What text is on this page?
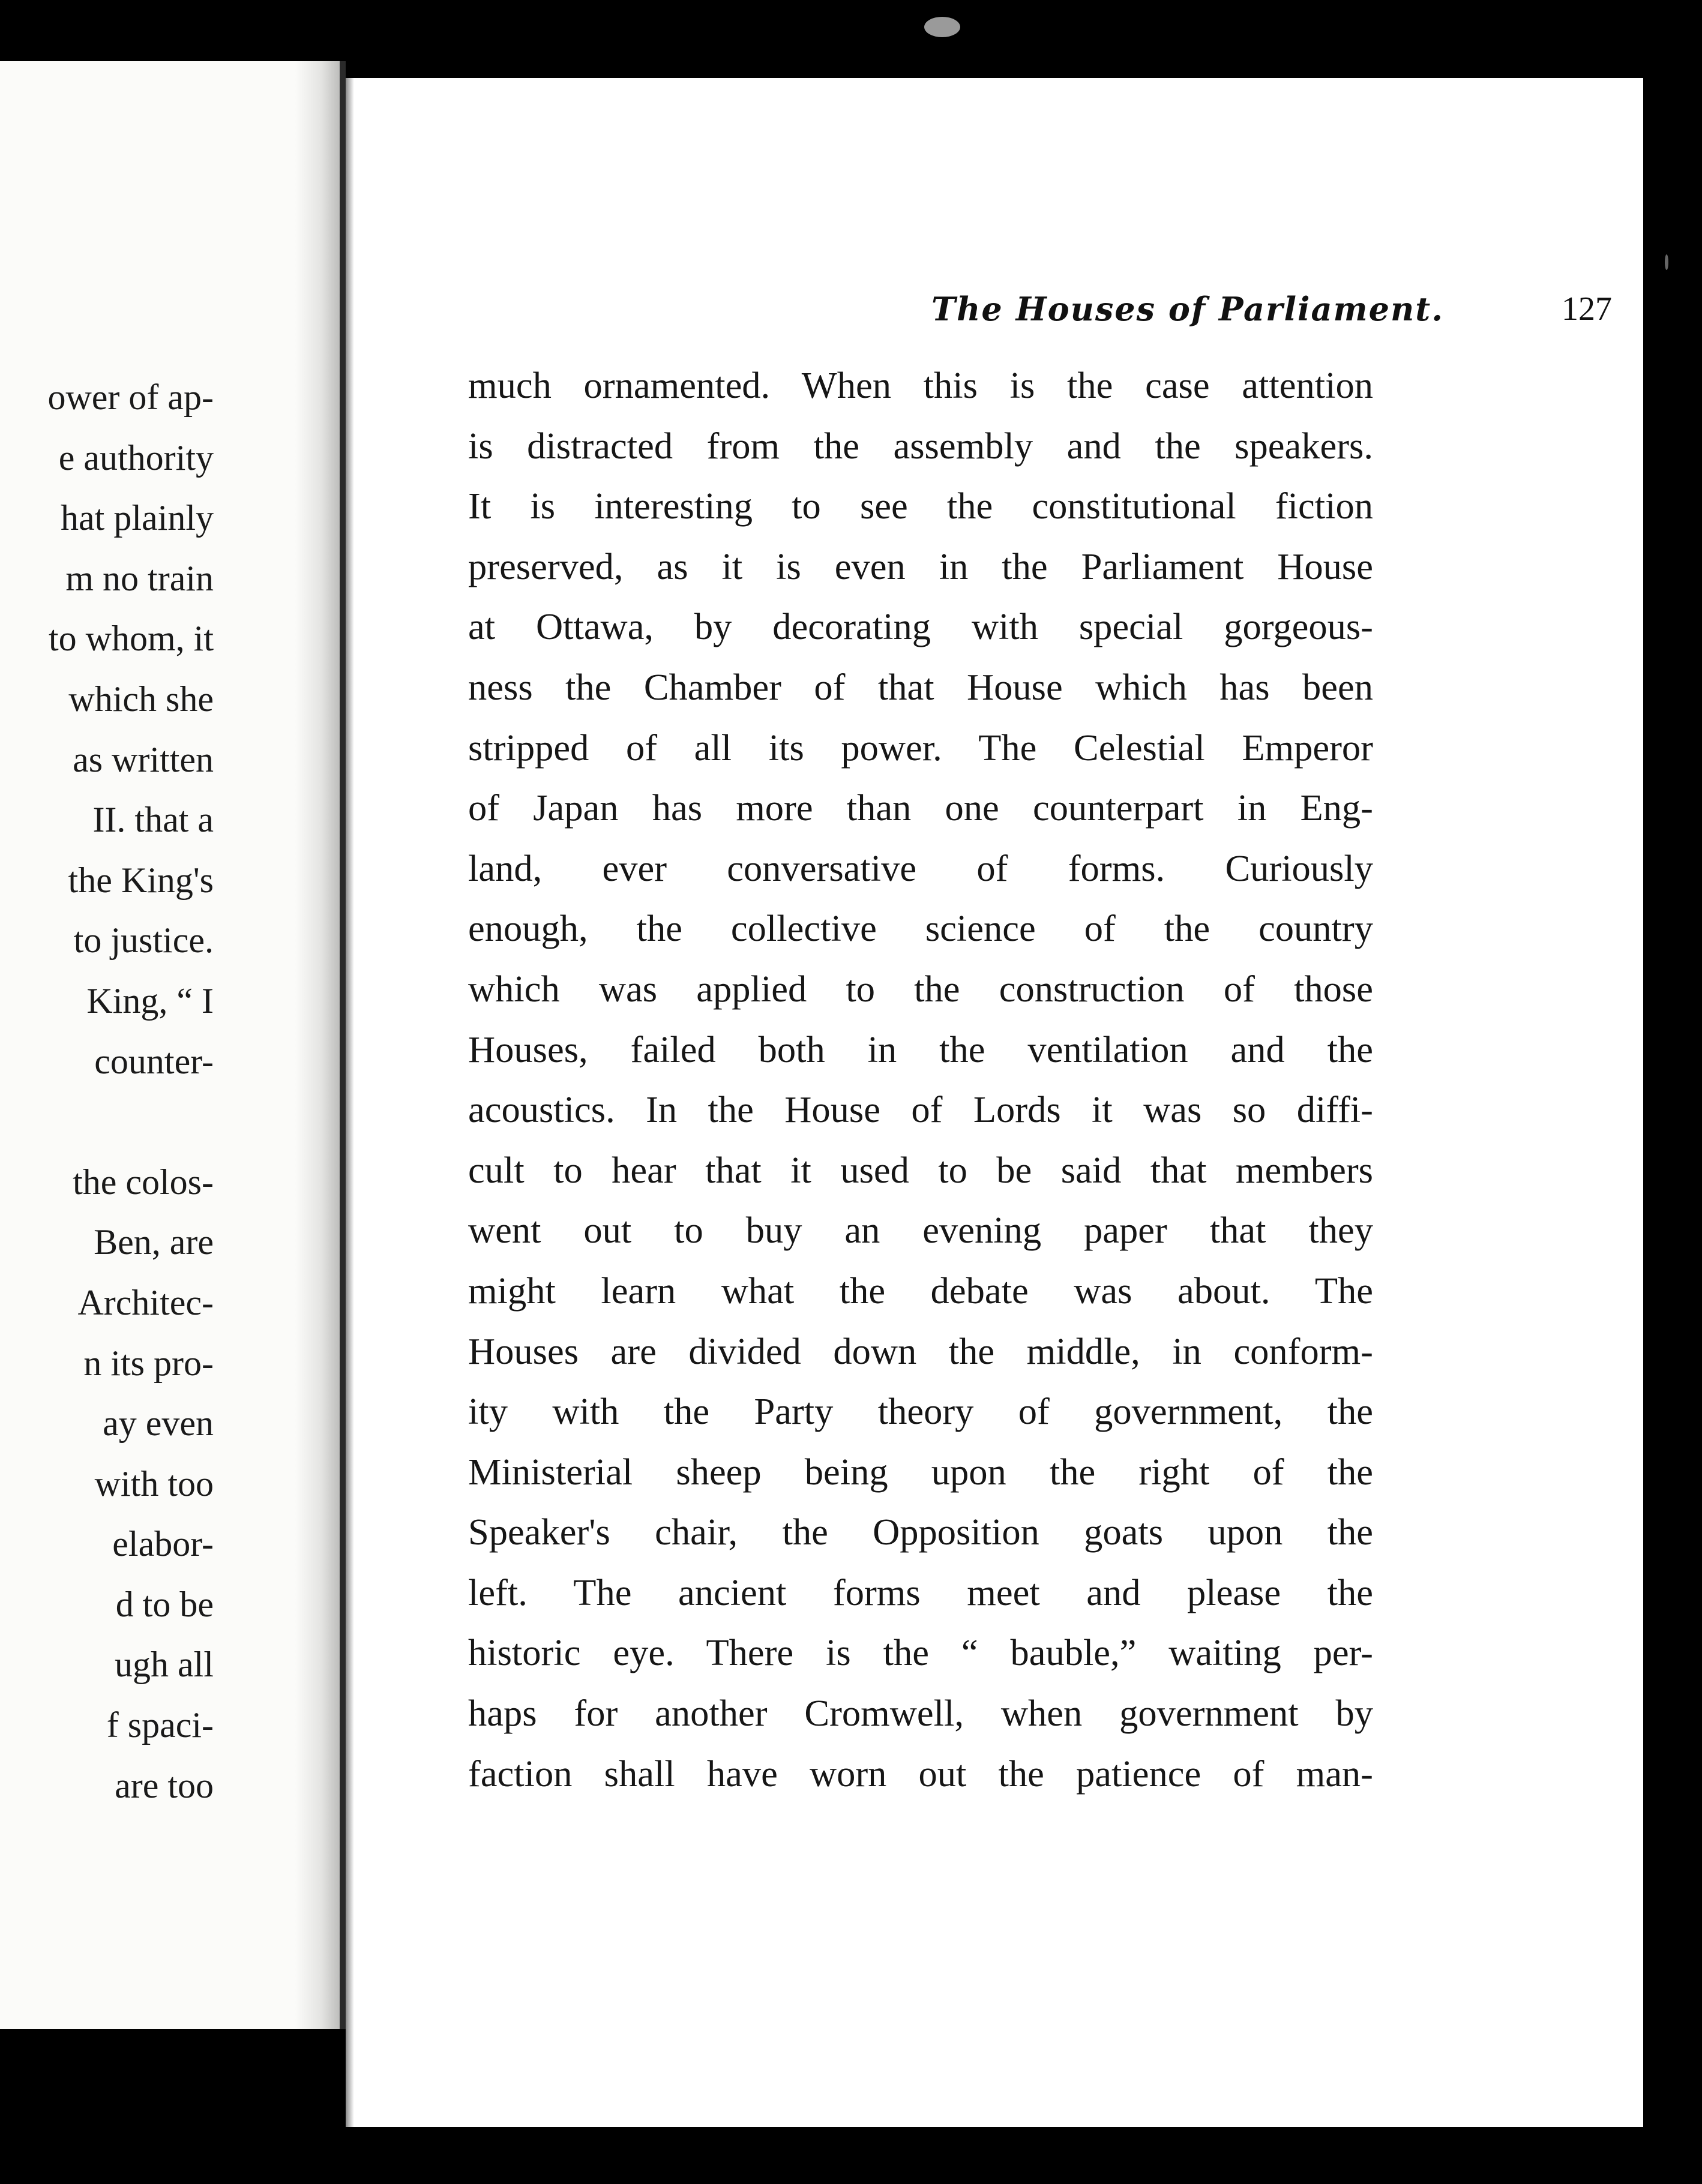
ower of ap-
e authority
hat plainly
m no train
to whom, it
which she
as written
II. that a
the King's
to justice.
King, “ I
counter-
the colos-
Ben, are
Architec-
n its pro-
ay even
with too
elabor-
d to be
ugh all
f spaci-
are too
The Houses of Parliament.	127
much ornamented. When this is the case attention
is distracted from the assembly and the speakers.
It is interesting to see the constitutional fiction
preserved, as it is even in the Parliament House
at Ottawa, by decorating with special gorgeous-
ness the Chamber of that House which has been
stripped of all its power. The Celestial Emperor
of Japan has more than one counterpart in Eng-
land, ever conversative of forms. Curiously
enough, the collective science of the country
which was applied to the construction of those
Houses, failed both in the ventilation and the
acoustics. In the House of Lords it was so diffi-
cult to hear that it used to be said that members
went out to buy an evening paper that they
might learn what the debate was about. The
Houses are divided down the middle, in conform-
ity with the Party theory of government, the
Ministerial sheep being upon the right of the
Speaker's chair, the Opposition goats upon the
left. The ancient forms meet and please the
historic eye. There is the “ bauble,” waiting per-
haps for another Cromwell, when government by
faction shall have worn out the patience of man-
